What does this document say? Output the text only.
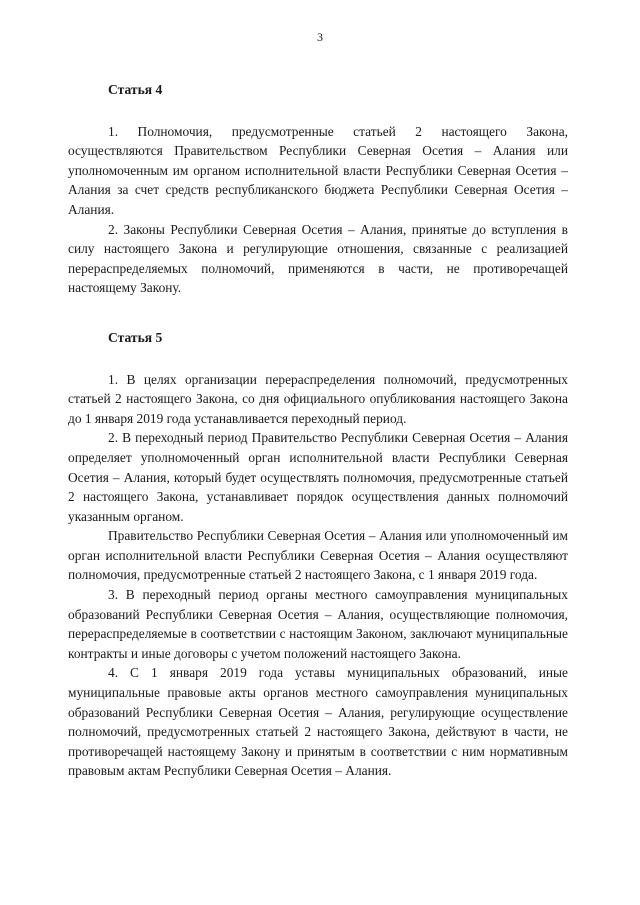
3
Статья 4

1. Полномочия, предусмотренные статьей 2 настоящего Закона, осуществляются Правительством Республики Северная Осетия – Алания или уполномоченным им органом исполнительной власти Республики Северная Осетия – Алания за счет средств республиканского бюджета Республики Северная Осетия – Алания.

2. Законы Республики Северная Осетия – Алания, принятые до вступления в силу настоящего Закона и регулирующие отношения, связанные с реализацией перераспределяемых полномочий, применяются в части, не противоречащей настоящему Закону.

Статья 5

1. В целях организации перераспределения полномочий, предусмотренных статьей 2 настоящего Закона, со дня официального опубликования настоящего Закона до 1 января 2019 года устанавливается переходный период.

2. В переходный период Правительство Республики Северная Осетия – Алания определяет уполномоченный орган исполнительной власти Республики Северная Осетия – Алания, который будет осуществлять полномочия, предусмотренные статьей 2 настоящего Закона, устанавливает порядок осуществления данных полномочий указанным органом.

Правительство Республики Северная Осетия – Алания или уполномоченный им орган исполнительной власти Республики Северная Осетия – Алания осуществляют полномочия, предусмотренные статьей 2 настоящего Закона, с 1 января 2019 года.

3. В переходный период органы местного самоуправления муниципальных образований Республики Северная Осетия – Алания, осуществляющие полномочия, перераспределяемые в соответствии с настоящим Законом, заключают муниципальные контракты и иные договоры с учетом положений настоящего Закона.

4. С 1 января 2019 года уставы муниципальных образований, иные муниципальные правовые акты органов местного самоуправления муниципальных образований Республики Северная Осетия – Алания, регулирующие осуществление полномочий, предусмотренных статьей 2 настоящего Закона, действуют в части, не противоречащей настоящему Закону и принятым в соответствии с ним нормативным правовым актам Республики Северная Осетия – Алания.
